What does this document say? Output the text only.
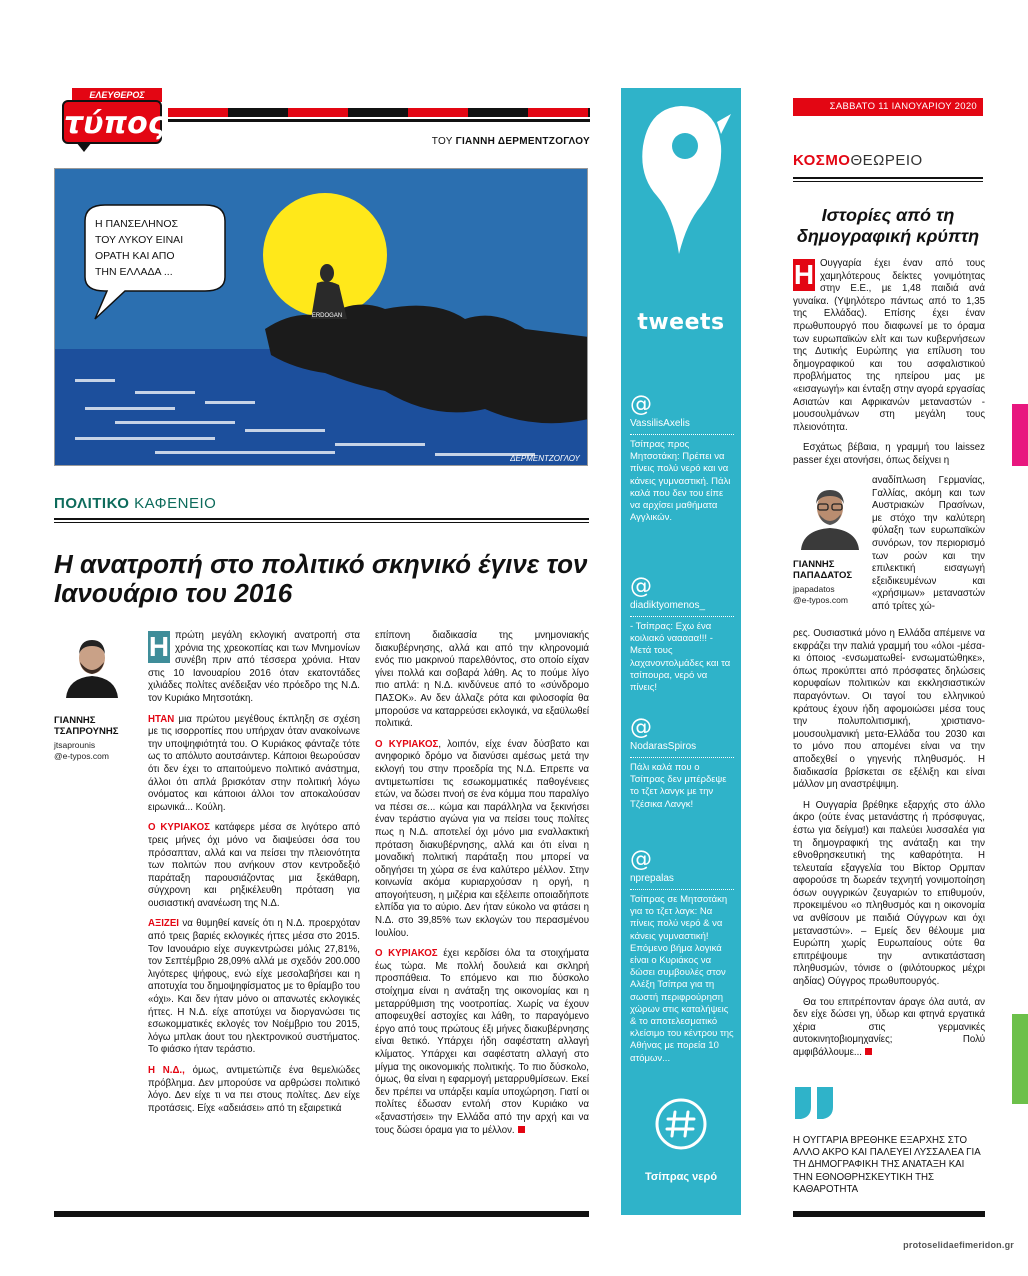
ΕΛΕΥΘΕΡΟΣ
τύπος
ΤΟΥ ΓΙΑΝΝΗ ΔΕΡΜΕΝΤΖΟΓΛΟΥ
ERDOGAN
Η ΠΑΝΣΕΛΗΝΟΣ ΤΟΥ ΛΥΚΟΥ ΕΙΝΑΙ ΟΡΑΤΗ ΚΑΙ ΑΠΟ ΤΗΝ ΕΛΛΑΔΑ ...
ΔΕΡΜΕΝΤΖΟΓΛΟΥ
ΠΟΛΙΤΙΚΟ ΚΑΦΕΝΕΙΟ
Η ανατροπή στο πολιτικό σκηνικό έγινε τον Ιανουάριο του 2016
ΓΙΑΝΝΗΣ
ΤΣΑΠΡΟΥΝΗΣ
jtsaprounis
@e-typos.com

Η πρώτη μεγάλη εκλογική ανατροπή στα χρόνια της χρεοκοπίας και των Μνημονίων συνέβη πριν από τέσσερα χρόνια. Ηταν στις 10 Ιανουαρίου 2016 όταν εκατοντάδες χιλιάδες πολίτες ανέδειξαν νέο πρόεδρο της Ν.Δ. τον Κυριάκο Μητσοτάκη.

ΗΤΑΝ μια πρώτου μεγέθους έκπληξη σε σχέση με τις ισορροπίες που υπήρχαν όταν ανακοίνωνε την υποψηφιότητά του. Ο Κυριάκος φάνταζε τότε ως το απόλυτο αουτσάιντερ. Κάποιοι θεωρούσαν ότι δεν έχει το απαιτούμενο πολιτικό ανάστημα, άλλοι ότι απλά βρισκόταν στην πολιτική λόγω ονόματος και κάποιοι άλλοι τον αποκαλούσαν ειρωνικά... Κούλη.

Ο ΚΥΡΙΑΚΟΣ κατάφερε μέσα σε λιγότερο από τρεις μήνες όχι μόνο να διαψεύσει όσα του πρόσαπταν, αλλά και να πείσει την πλειονότητα των πολιτών που ανήκουν στον κεντροδεξιό παράταξη παρουσιάζοντας μια ξεκάθαρη, σύγχρονη και ρηξικέλευθη πρόταση για ουσιαστική ανανέωση της Ν.Δ.

ΑΞΙΖΕΙ να θυμηθεί κανείς ότι η Ν.Δ. προερχόταν από τρεις βαριές εκλογικές ήττες μέσα στο 2015. Τον Ιανουάριο είχε συγκεντρώσει μόλις 27,81%, τον Σεπτέμβριο 28,09% αλλά με σχεδόν 200.000 λιγότερες ψήφους, ενώ είχε μεσολαβήσει και η αποτυχία του δημοψηφίσματος με το θρίαμβο του «όχι». Και δεν ήταν μόνο οι απανωτές εκλογικές ήττες. Η Ν.Δ. είχε αποτύχει να διοργανώσει τις εσωκομματικές εκλογές τον Νοέμβριο του 2015, λόγω μπλακ άουτ του ηλεκτρονικού συστήματος. Το φιάσκο ήταν τεράστιο.

Η Ν.Δ., όμως, αντιμετώπιζε ένα θεμελιώδες πρόβλημα. Δεν μπορούσε να αρθρώσει πολιτικό λόγο. Δεν είχε τι να πει στους πολίτες. Δεν είχε προτάσεις. Είχε «αδειάσει» από τη εξαιρετικά

επίπονη διαδικασία της μνημονιακής διακυβέρνησης, αλλά και από την κληρονομιά ενός πιο μακρινού παρελθόντος, στο οποίο είχαν γίνει πολλά και σοβαρά λάθη. Ας το πούμε λίγο πιο απλά: η Ν.Δ. κινδύνευε από το «σύνδρομο ΠΑΣΟΚ». Αν δεν άλλαζε ρότα και φιλοσοφία θα μπορούσε να καταρρεύσει εκλογικά, να εξαϋλωθεί πολιτικά.

Ο ΚΥΡΙΑΚΟΣ, λοιπόν, είχε έναν δύσβατο και ανηφορικό δρόμο να διανύσει αμέσως μετά την εκλογή του στην προεδρία της Ν.Δ. Επρεπε να αντιμετωπίσει τις εσωκομματικές παθογένειες ετών, να δώσει πνοή σε ένα κόμμα που παραλίγο να πέσει σε... κώμα και παράλληλα να ξεκινήσει έναν τεράστιο αγώνα για να πείσει τους πολίτες πως η Ν.Δ. αποτελεί όχι μόνο μια εναλλακτική πρόταση διακυβέρνησης, αλλά και ότι είναι η μοναδική πολιτική παράταξη που μπορεί να οδηγήσει τη χώρα σε ένα καλύτερο μέλλον. Στην κοινωνία ακόμα κυριαρχούσαν η οργή, η απογοήτευση, η μιζέρια και εξέλειπε οποιαδήποτε ελπίδα για το αύριο. Δεν ήταν εύκολο να φτάσει η Ν.Δ. στο 39,85% των εκλογών του περασμένου Ιουλίου.

Ο ΚΥΡΙΑΚΟΣ έχει κερδίσει όλα τα στοιχήματα έως τώρα. Με πολλή δουλειά και σκληρή προσπάθεια. Το επόμενο και πιο δύσκολο στοίχημα είναι η ανάταξη της οικονομίας και η μεταρρύθμιση της νοοτροπίας. Χωρίς να έχουν αποφευχθεί αστοχίες και λάθη, το παραγόμενο έργο από τους πρώτους έξι μήνες διακυβέρνησης είναι θετικό. Υπάρχει ήδη σαφέστατη αλλαγή κλίματος. Υπάρχει και σαφέστατη αλλαγή στο μίγμα της οικονομικής πολιτικής. Το πιο δύσκολο, όμως, θα είναι η εφαρμογή μεταρρυθμίσεων. Εκεί δεν πρέπει να υπάρξει καμία υποχώρηση. Γιατί οι πολίτες έδωσαν εντολή στον Κυριάκο να «ξαναστήσει» την Ελλάδα από την αρχή και να τους δώσει όραμα για το μέλλον.

tweets
@
VassilisAxelis
Τσίπρας προς Μητσοτάκη: Πρέπει να πίνεις πολύ νερό και να κάνεις γυμναστική. Πάλι καλά που δεν του είπε να αρχίσει μαθήματα Αγγλικών.
@
diadiktyomenos_
- Τσίπρας: Εχω ένα κοιλιακό νααααα!!! - Μετά τους λαχανοντολμάδες και τα τσίπουρα, νερό να πίνεις!
@
NodarasSpiros
Πάλι καλά που ο Τσίπρας δεν μπέρδεψε το τζετ λανγκ με την Τζέσικα Λανγκ!
@
nprepalas
Τσίπρας σε Μητσοτάκη για το τζετ λαγκ: Να πίνεις πολύ νερό & να κάνεις γυμναστική! Επόμενο βήμα λογικά είναι ο Κυριάκος να δώσει συμβουλές στον Αλέξη Τσίπρα για τη σωστή περιφρούρηση χώρων στις καταλήψεις & το αποτελεσματικό κλείσιμο του κέντρου της Αθήνας με πορεία 10 ατόμων...
Τσίπρας νερό
ΣΑΒΒΑΤΟ 11 ΙΑΝΟΥΑΡΙΟΥ 2020
ΚΟΣΜΟΘΕΩΡΕΙΟ
Ιστορίες από τη δημογραφική κρύπτη

Η Ουγγαρία έχει έναν από τους χαμηλότερους δείκτες γονιμότητας στην Ε.Ε., με 1,48 παιδιά ανά γυναίκα. (Υψηλότερο πάντως από το 1,35 της Ελλάδας). Επίσης έχει έναν πρωθυπουργό που διαφωνεί με το όραμα των ευρωπαϊκών ελίτ και των κυβερνήσεων της Δυτικής Ευρώπης για επίλυση του δημογραφικού και του ασφαλιστικού προβλήματος της ηπείρου μας με «εισαγωγή» και ένταξη στην αγορά εργασίας Ασιατών και Αφρικανών μεταναστών - μουσουλμάνων στη μεγάλη τους πλειονότητα.

Εσχάτως βέβαια, η γραμμή του laissez passer έχει ατονήσει, όπως δείχνει η

ΓΙΑΝΝΗΣ
ΠΑΠΑΔΑΤΟΣ
jpapadatos
@e-typos.com

αναδίπλωση Γερμανίας, Γαλλίας, ακόμη και των Αυστριακών Πρασίνων, με στόχο την καλύτερη φύλαξη των ευρωπαϊκών συνόρων, τον περιορισμό των ροών και την επιλεκτική εισαγωγή εξειδικευμένων και «χρήσιμων» μεταναστών από τρίτες χώ-

ρες. Ουσιαστικά μόνο η Ελλάδα απέμεινε να εκφράζει την παλιά γραμμή του «όλοι -μέσα- κι όποιος -ενσωματωθεί- ενσωματώθηκε», όπως προκύπτει από πρόσφατες δηλώσεις κορυφαίων πολιτικών και εκκλησιαστικών παραγόντων. Οι ταγοί του ελληνικού κράτους έχουν ήδη αφομοιώσει μέσα τους την πολυπολιτισμική, χριστιανο-μουσουλμανική μετα-Ελλάδα του 2030 και το μόνο που απομένει είναι να την αποδεχθεί ο γηγενής πληθυσμός. Η διαδικασία βρίσκεται σε εξέλιξη και είναι μάλλον μη αναστρέψιμη.

Η Ουγγαρία βρέθηκε εξαρχής στο άλλο άκρο (ούτε ένας μετανάστης ή πρόσφυγας, έστω για δείγμα!) και παλεύει λυσσαλέα για τη δημογραφική της ανάταξη και την εθνοθρησκευτική της καθαρότητα. Η τελευταία εξαγγελία του Βίκτορ Ορμπαν αφορούσε τη δωρεάν τεχνητή γονιμοποίηση όσων ουγγρικών ζευγαριών το επιθυμούν, προκειμένου «ο πληθυσμός και η οικονομία να ανθίσουν με παιδιά Ούγγρων και όχι μεταναστών». – Εμείς δεν θέλουμε μια Ευρώπη χωρίς Ευρωπαίους ούτε θα επιτρέψουμε την αντικατάσταση πληθυσμών, τόνισε ο (φιλότουρκος μέχρι αηδίας) Ούγγρος πρωθυπουργός.

Θα του επιτρέπονταν άραγε όλα αυτά, αν δεν είχε δώσει γη, ύδωρ και φτηνά εργατικά χέρια στις γερμανικές αυτοκινητοβιομηχανίες; Πολύ αμφιβάλλουμε...

Η ΟΥΓΓΑΡΙΑ ΒΡΕΘΗΚΕ ΕΞΑΡΧΗΣ ΣΤΟ ΑΛΛΟ ΑΚΡΟ ΚΑΙ ΠΑΛΕΥΕΙ ΛΥΣΣΑΛΕΑ ΓΙΑ ΤΗ ΔΗΜΟΓΡΑΦΙΚΗ ΤΗΣ ΑΝΑΤΑΞΗ ΚΑΙ ΤΗΝ ΕΘΝΟΘΡΗΣΚΕΥΤΙΚΗ ΤΗΣ ΚΑΘΑΡΟΤΗΤΑ
protoselidaefimeridon.gr
